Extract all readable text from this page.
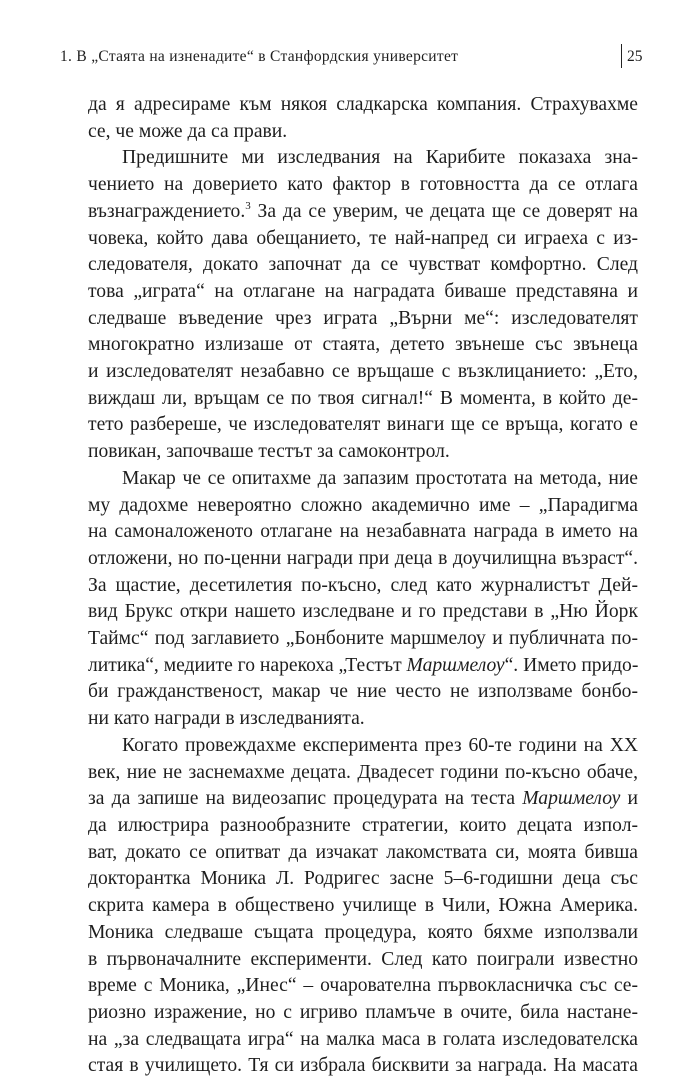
1. В „Стаята на изненадите“ в Станфордския университет	25
да я адресираме към някоя сладкарска компания. Страхувахме
се, че може да са прави.
Предишните ми изследвания на Карибите показаха зна-
чението на доверието като фактор в готовността да се отлага
възнаграждението.$^3$ За да се уверим, че децата ще се доверят на
човека, който дава обещанието, те най-напред си играеха с из-
следователя, докато започнат да се чувстват комфортно. След
това „играта“ на отлагане на наградата биваше представяна и
следваше въведение чрез играта „Върни ме“: изследователят
многократно излизаше от стаята, детето звънеше със звънеца
и изследователят незабавно се връщаше с възклицанието: „Ето,
виждаш ли, връщам се по твоя сигнал!“ В момента, в който де-
тето разбереше, че изследователят винаги ще се връща, когато е
повикан, започваше тестът за самоконтрол.
Макар че се опитахме да запазим простотата на метода, ние
му дадохме невероятно сложно академично име – „Парадигма
на самоналоженото отлагане на незабавната награда в името на
отложени, но по-ценни награди при деца в доучилищна възраст“.
За щастие, десетилетия по-късно, след като журналистът Дей-
вид Брукс откри нашето изследване и го представи в „Ню Йорк
Таймс“ под заглавието „Бонбоните маршмелоу и публичната по-
литика“, медиите го нарекоха „Тестът Маршмелоу“. Името придо-
би гражданственост, макар че ние често не използваме бонбо-
ни като награди в изследванията.
Когато провеждахме експеримента през 60-те години на XX
век, ние не заснемахме децата. Двадесет години по-късно обаче,
за да запише на видеозапис процедурата на теста Маршмелоу и
да илюстрира разнообразните стратегии, които децата изпол-
ват, докато се опитват да изчакат лакомствата си, моята бивша
докторантка Моника Л. Родригес засне 5–6-годишни деца със
скрита камера в обществено училище в Чили, Южна Америка.
Моника следваше същата процедура, която бяхме използвали
в първоначалните експерименти. След като поиграли известно
време с Моника, „Инес“ – очарователна първокласничка със се-
риозно изражение, но с игриво пламъче в очите, била настане-
на „за следващата игра“ на малка маса в голата изследователска
стая в училището. Тя си избрала бисквити за награда. На масата
